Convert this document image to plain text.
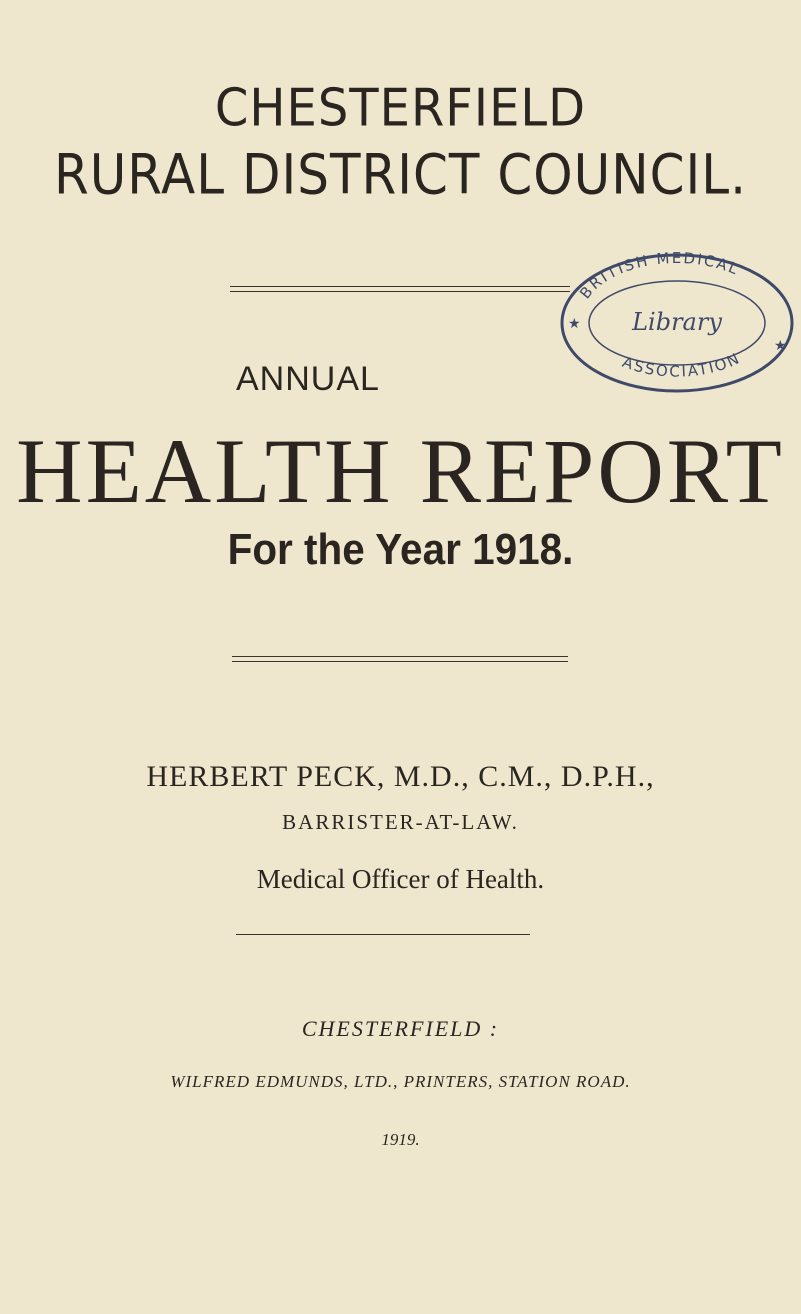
CHESTERFIELD
RURAL DISTRICT COUNCIL.
BRITISH MEDICAL
Library
ASSOCIATION
★
★
ANNUAL
HEALTH REPORT
For the Year 1918.
HERBERT PECK, M.D., C.M., D.P.H.,
BARRISTER-AT-LAW.
Medical Officer of Health.
CHESTERFIELD :
WILFRED EDMUNDS, LTD., PRINTERS, STATION ROAD.
1919.
